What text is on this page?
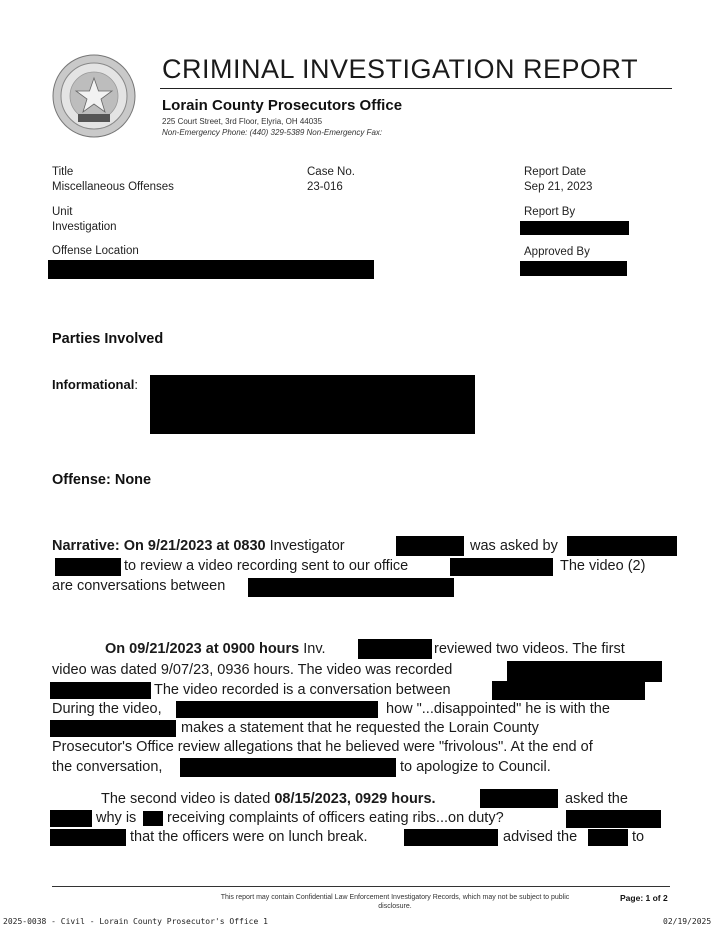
CRIMINAL INVESTIGATION REPORT
Lorain County Prosecutors Office
225 Court Street, 3rd Floor, Elyria, OH 44035
Non-Emergency Phone: (440) 329-5389 Non-Emergency Fax:
Title
Miscellaneous Offenses
Case No.
23-016
Report Date
Sep 21, 2023
Unit
Investigation
Report By
Offense Location	Approved By
Parties Involved
Informational:
Offense: None
Narrative: On 9/21/2023 at 0830 Investigator	was asked by
to review a video recording sent to our office	The video (2)
are conversations between
On 09/21/2023 at 0900 hours Inv.	reviewed two videos. The first
video was dated 9/07/23, 0936 hours. The video was recorded
The video recorded is a conversation between
During the video,	how "...disappointed" he is with the
makes a statement that he requested the Lorain County
Prosecutor's Office review allegations that he believed were "frivolous". At the end of
the conversation,	to apologize to Council.
The second video is dated 08/15/2023, 0929 hours.	asked the
why is receiving complaints of officers eating ribs...on duty?
that the officers were on lunch break.	advised the	to
This report may contain Confidential Law Enforcement Investigatory Records, which may not be subject to public disclosure.
Page: 1 of 2
2025-0038 - Civil - Lorain County Prosecutor's Office 1	02/19/2025
